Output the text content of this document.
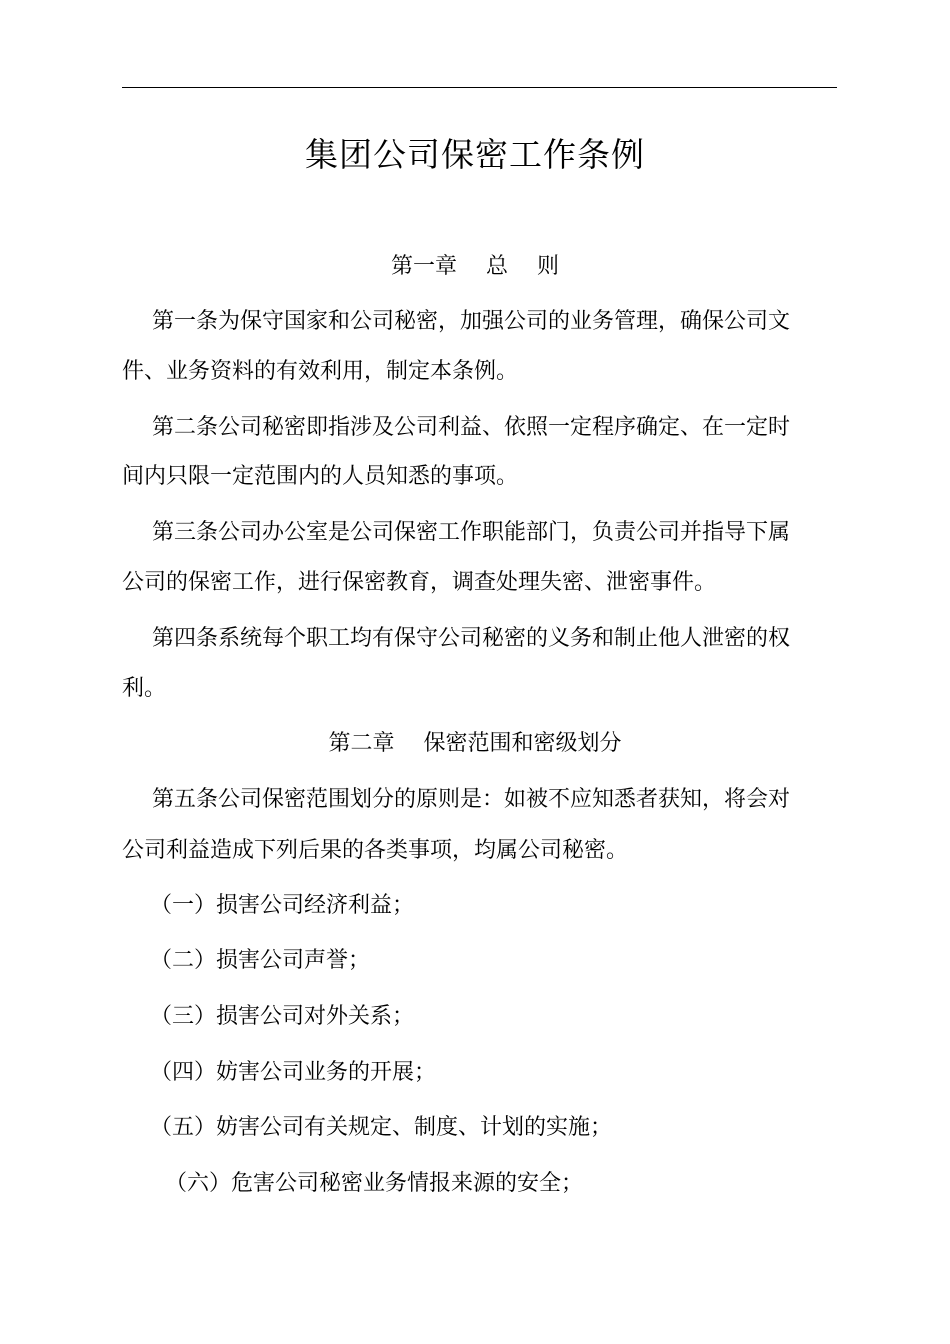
集团公司保密工作条例
第一章　 总　 则
第一条为保守国家和公司秘密，加强公司的业务管理，确保公司文
件、业务资料的有效利用，制定本条例。
第二条公司秘密即指涉及公司利益、依照一定程序确定、在一定时
间内只限一定范围内的人员知悉的事项。
第三条公司办公室是公司保密工作职能部门，负责公司并指导下属
公司的保密工作，进行保密教育，调查处理失密、泄密事件。
第四条系统每个职工均有保守公司秘密的义务和制止他人泄密的权
利。
第二章　 保密范围和密级划分
第五条公司保密范围划分的原则是：如被不应知悉者获知，将会对
公司利益造成下列后果的各类事项，均属公司秘密。
（一）损害公司经济利益；
（二）损害公司声誉；
（三）损害公司对外关系；
（四）妨害公司业务的开展；
（五）妨害公司有关规定、制度、计划的实施；
（六）危害公司秘密业务情报来源的安全；
